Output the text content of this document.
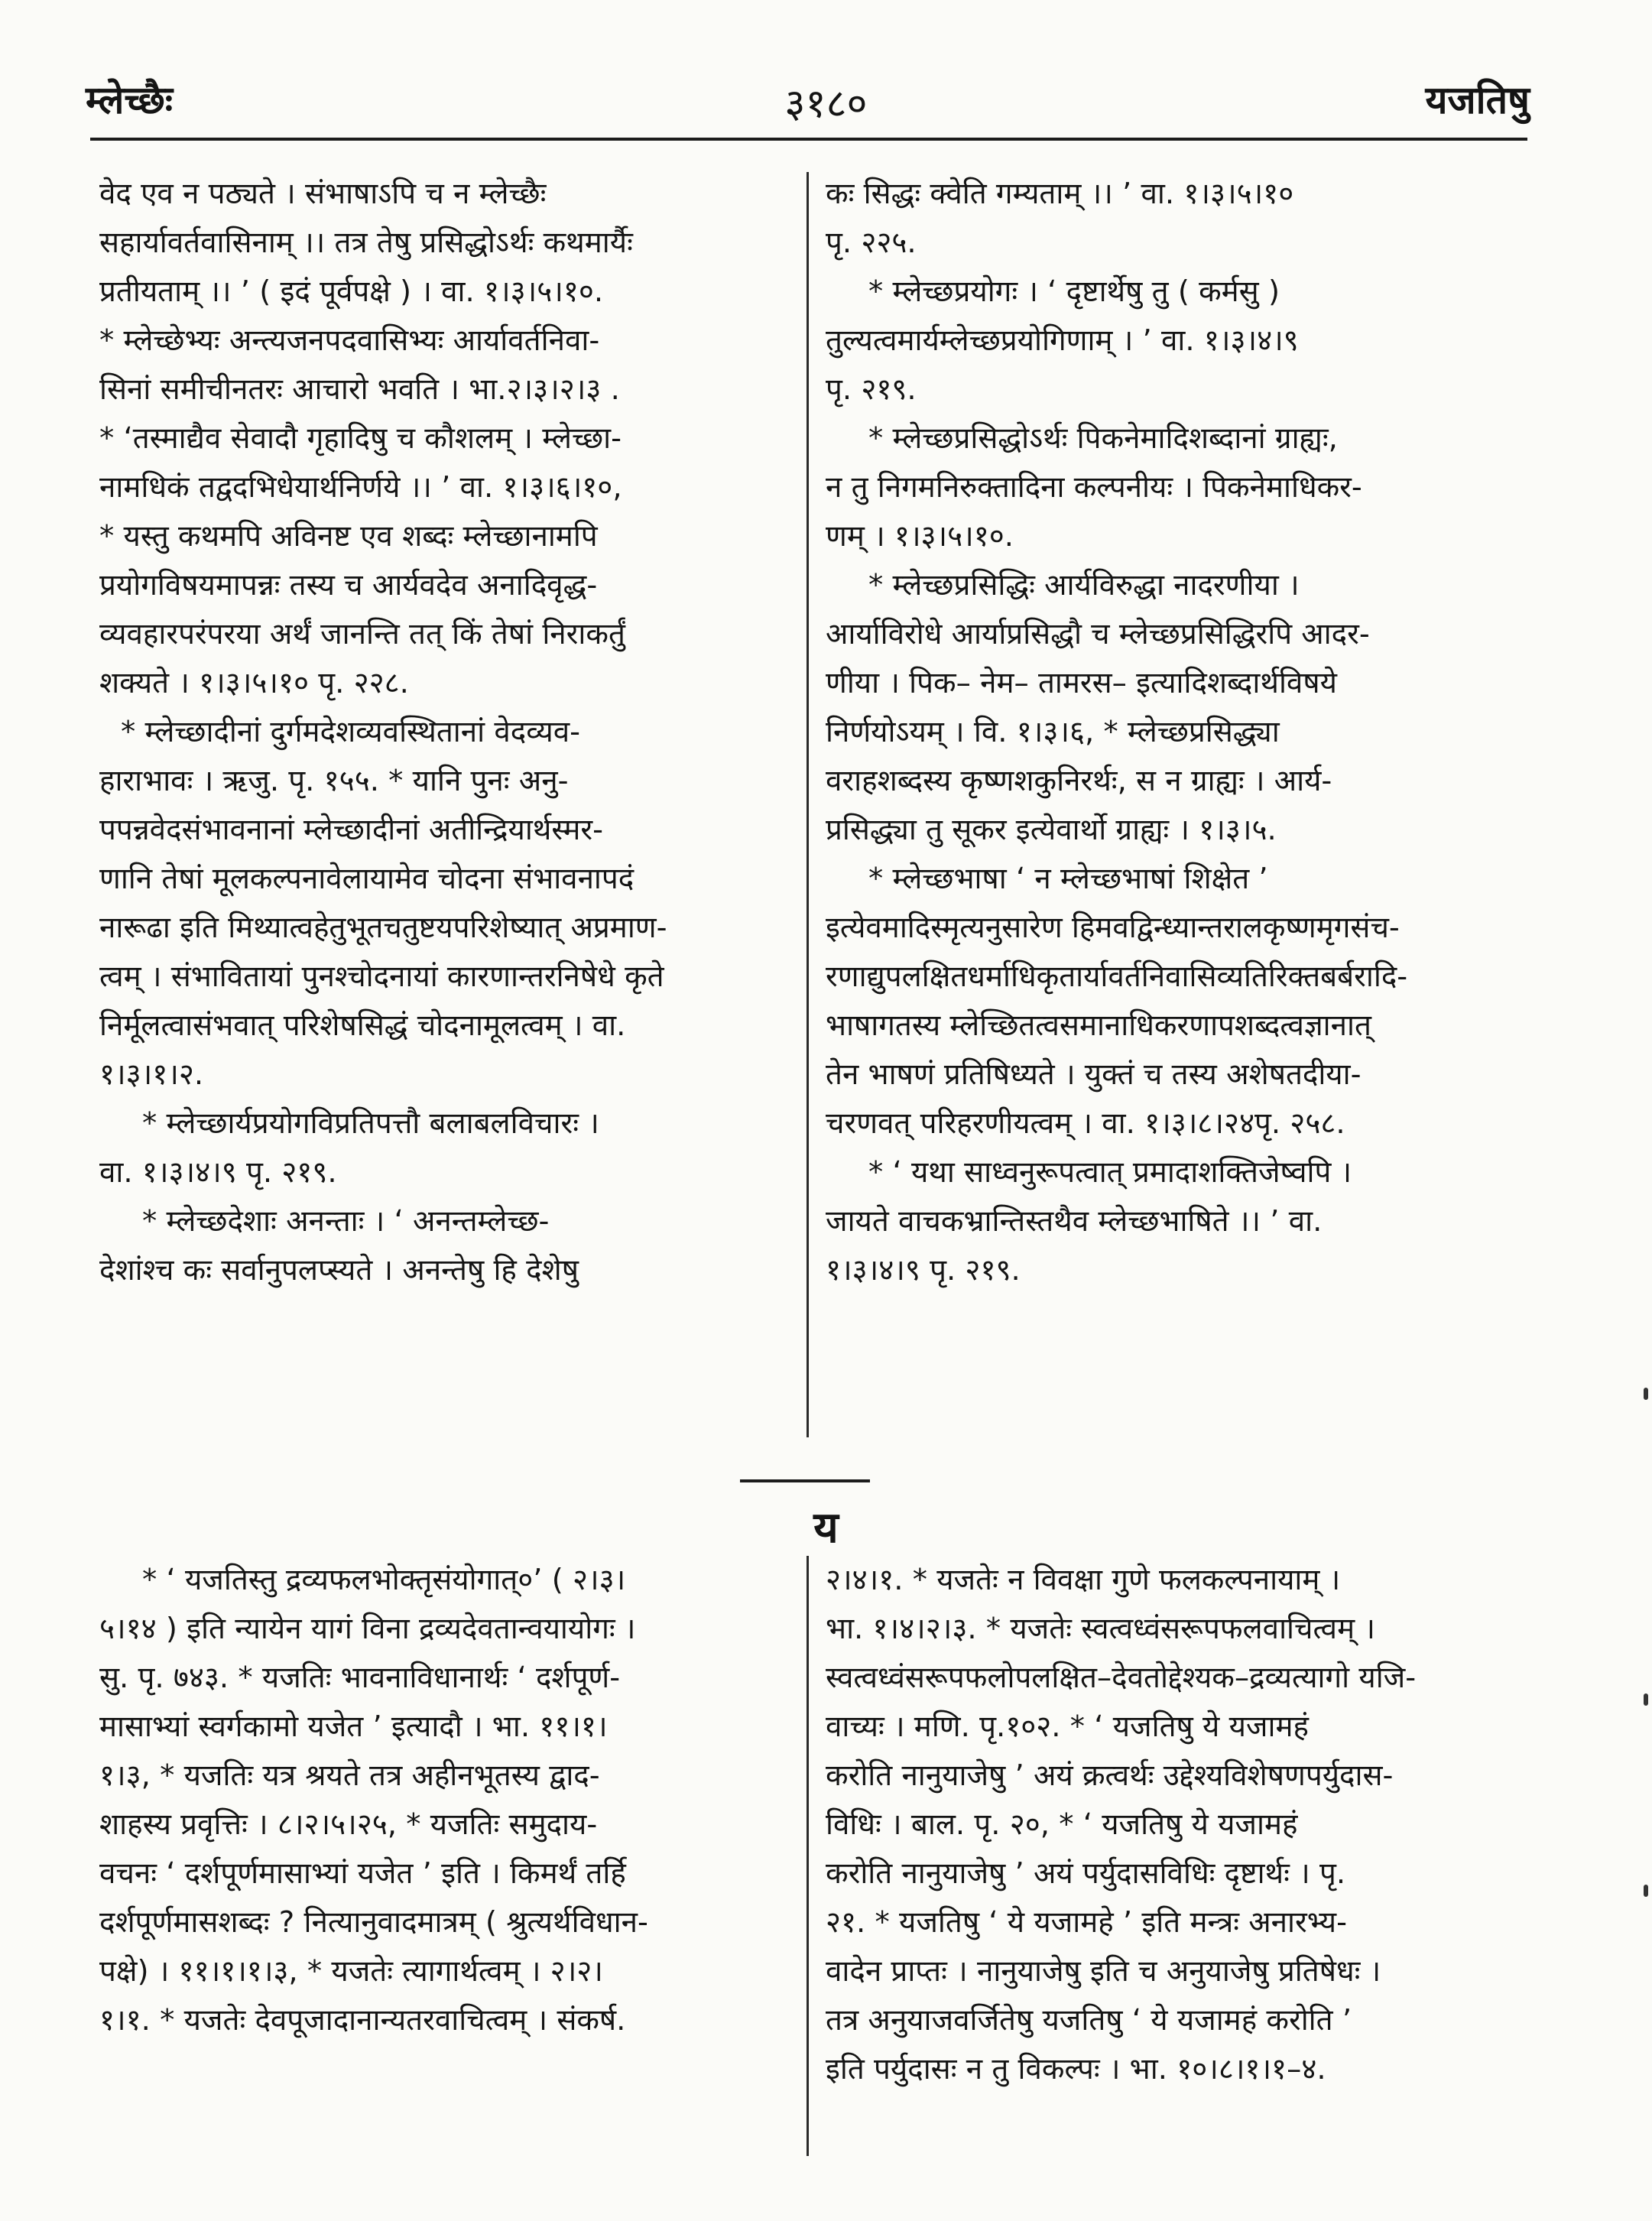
म्लेच्छैः	३१८०	यजतिषु
वेद एव न पठ्यते । संभाषाऽपि च न म्लेच्छैः
सहार्यावर्तवासिनाम् ।। तत्र तेषु प्रसिद्धोऽर्थः कथमार्यैः
प्रतीयताम् ।। ’ ( इदं पूर्वपक्षे ) । वा. १।३।५।१०.
* म्लेच्छेभ्यः अन्त्यजनपदवासिभ्यः आर्यावर्तनिवा-
सिनां समीचीनतरः आचारो भवति । भा.२।३।२।३ .
* ‘तस्माद्यैव सेवादौ गृहादिषु च कौशलम् । म्लेच्छा-
नामधिकं तद्वदभिधेयार्थनिर्णये ।। ’ वा. १।३।६।१०,
* यस्तु कथमपि अविनष्ट एव शब्दः म्लेच्छानामपि
प्रयोगविषयमापन्नः तस्य च आर्यवदेव अनादिवृद्ध-
व्यवहारपरंपरया अर्थं जानन्ति तत् किं तेषां निराकर्तुं
शक्यते । १।३।५।१० पृ. २२८.
* म्लेच्छादीनां दुर्गमदेशव्यवस्थितानां वेदव्यव-
हाराभावः । ऋजु. पृ. १५५. * यानि पुनः अनु-
पपन्नवेदसंभावनानां म्लेच्छादीनां अतीन्द्रियार्थस्मर-
णानि तेषां मूलकल्पनावेलायामेव चोदना संभावनापदं
नारूढा इति मिथ्यात्वहेतुभूतचतुष्टयपरिशेष्यात् अप्रमाण-
त्वम् । संभावितायां पुनश्चोदनायां कारणान्तरनिषेधे कृते
निर्मूलत्वासंभवात् परिशेषसिद्धं चोदनामूलत्वम् । वा.
१।३।१।२.
* म्लेच्छार्यप्रयोगविप्रतिपत्तौ बलाबलविचारः ।
वा. १।३।४।९ पृ. २१९.
* म्लेच्छदेशाः अनन्ताः । ‘ अनन्तम्लेच्छ-
देशांश्च कः सर्वानुपलप्स्यते । अनन्तेषु हि देशेषु
कः सिद्धः क्वेति गम्यताम् ।। ’ वा. १।३।५।१०
पृ. २२५.
* म्लेच्छप्रयोगः । ‘ दृष्टार्थेषु तु ( कर्मसु )
तुल्यत्वमार्यम्लेच्छप्रयोगिणाम् । ’ वा. १।३।४।९
पृ. २१९.
* म्लेच्छप्रसिद्धोऽर्थः पिकनेमादिशब्दानां ग्राह्यः,
न तु निगमनिरुक्तादिना कल्पनीयः । पिकनेमाधिकर-
णम् । १।३।५।१०.
* म्लेच्छप्रसिद्धिः आर्यविरुद्धा नादरणीया ।
आर्याविरोधे आर्याप्रसिद्धौ च म्लेच्छप्रसिद्धिरपि आदर-
णीया । पिक– नेम– तामरस– इत्यादिशब्दार्थविषये
निर्णयोऽयम् । वि. १।३।६, * म्लेच्छप्रसिद्ध्या
वराहशब्दस्य कृष्णशकुनिरर्थः, स न ग्राह्यः । आर्य-
प्रसिद्ध्या तु सूकर इत्येवार्थो ग्राह्यः । १।३।५.
* म्लेच्छभाषा ‘ न म्लेच्छभाषां शिक्षेत ’
इत्येवमादिस्मृत्यनुसारेण हिमवद्विन्ध्यान्तरालकृष्णमृगसंच-
रणाद्युपलक्षितधर्माधिकृतार्यावर्तनिवासिव्यतिरिक्तबर्बरादि-
भाषागतस्य म्लेच्छितत्वसमानाधिकरणापशब्दत्वज्ञानात्
तेन भाषणं प्रतिषिध्यते । युक्तं च तस्य अशेषतदीया-
चरणवत् परिहरणीयत्वम् । वा. १।३।८।२४पृ. २५८.
* ‘ यथा साध्वनुरूपत्वात् प्रमादाशक्तिजेष्वपि ।
जायते वाचकभ्रान्तिस्तथैव म्लेच्छभाषिते ।। ’ वा.
१।३।४।९ पृ. २१९.
य
* ‘ यजतिस्तु द्रव्यफलभोक्तृसंयोगात्०’ ( २।३।
५।१४ ) इति न्यायेन यागं विना द्रव्यदेवतान्वयायोगः ।
सु. पृ. ७४३. * यजतिः भावनाविधानार्थः ‘ दर्शपूर्ण-
मासाभ्यां स्वर्गकामो यजेत ’ इत्यादौ । भा. ११।१।
१।३, * यजतिः यत्र श्रयते तत्र अहीनभूतस्य द्वाद-
शाहस्य प्रवृत्तिः । ८।२।५।२५, * यजतिः समुदाय-
वचनः ‘ दर्शपूर्णमासाभ्यां यजेत ’ इति । किमर्थं तर्हि
दर्शपूर्णमासशब्दः ? नित्यानुवादमात्रम् ( श्रुत्यर्थविधान-
पक्षे) । ११।१।१।३, * यजतेः त्यागार्थत्वम् । २।२।
१।१. * यजतेः देवपूजादानान्यतरवाचित्वम् । संकर्ष.
२।४।१. * यजतेः न विवक्षा गुणे फलकल्पनायाम् ।
भा. १।४।२।३. * यजतेः स्वत्वध्वंसरूपफलवाचित्वम् ।
स्वत्वध्वंसरूपफलोपलक्षित–देवतोद्देश्यक–द्रव्यत्यागो यजि-
वाच्यः । मणि. पृ.१०२. * ‘ यजतिषु ये यजामहं
करोति नानुयाजेषु ’ अयं क्रत्वर्थः उद्देश्यविशेषणपर्युदास-
विधिः । बाल. पृ. २०, * ‘ यजतिषु ये यजामहं
करोति नानुयाजेषु ’ अयं पर्युदासविधिः दृष्टार्थः । पृ.
२१. * यजतिषु ‘ ये यजामहे ’ इति मन्त्रः अनारभ्य-
वादेन प्राप्तः । नानुयाजेषु इति च अनुयाजेषु प्रतिषेधः ।
तत्र अनुयाजवर्जितेषु यजतिषु ‘ ये यजामहं करोति ’
इति पर्युदासः न तु विकल्पः । भा. १०।८।१।१–४.
